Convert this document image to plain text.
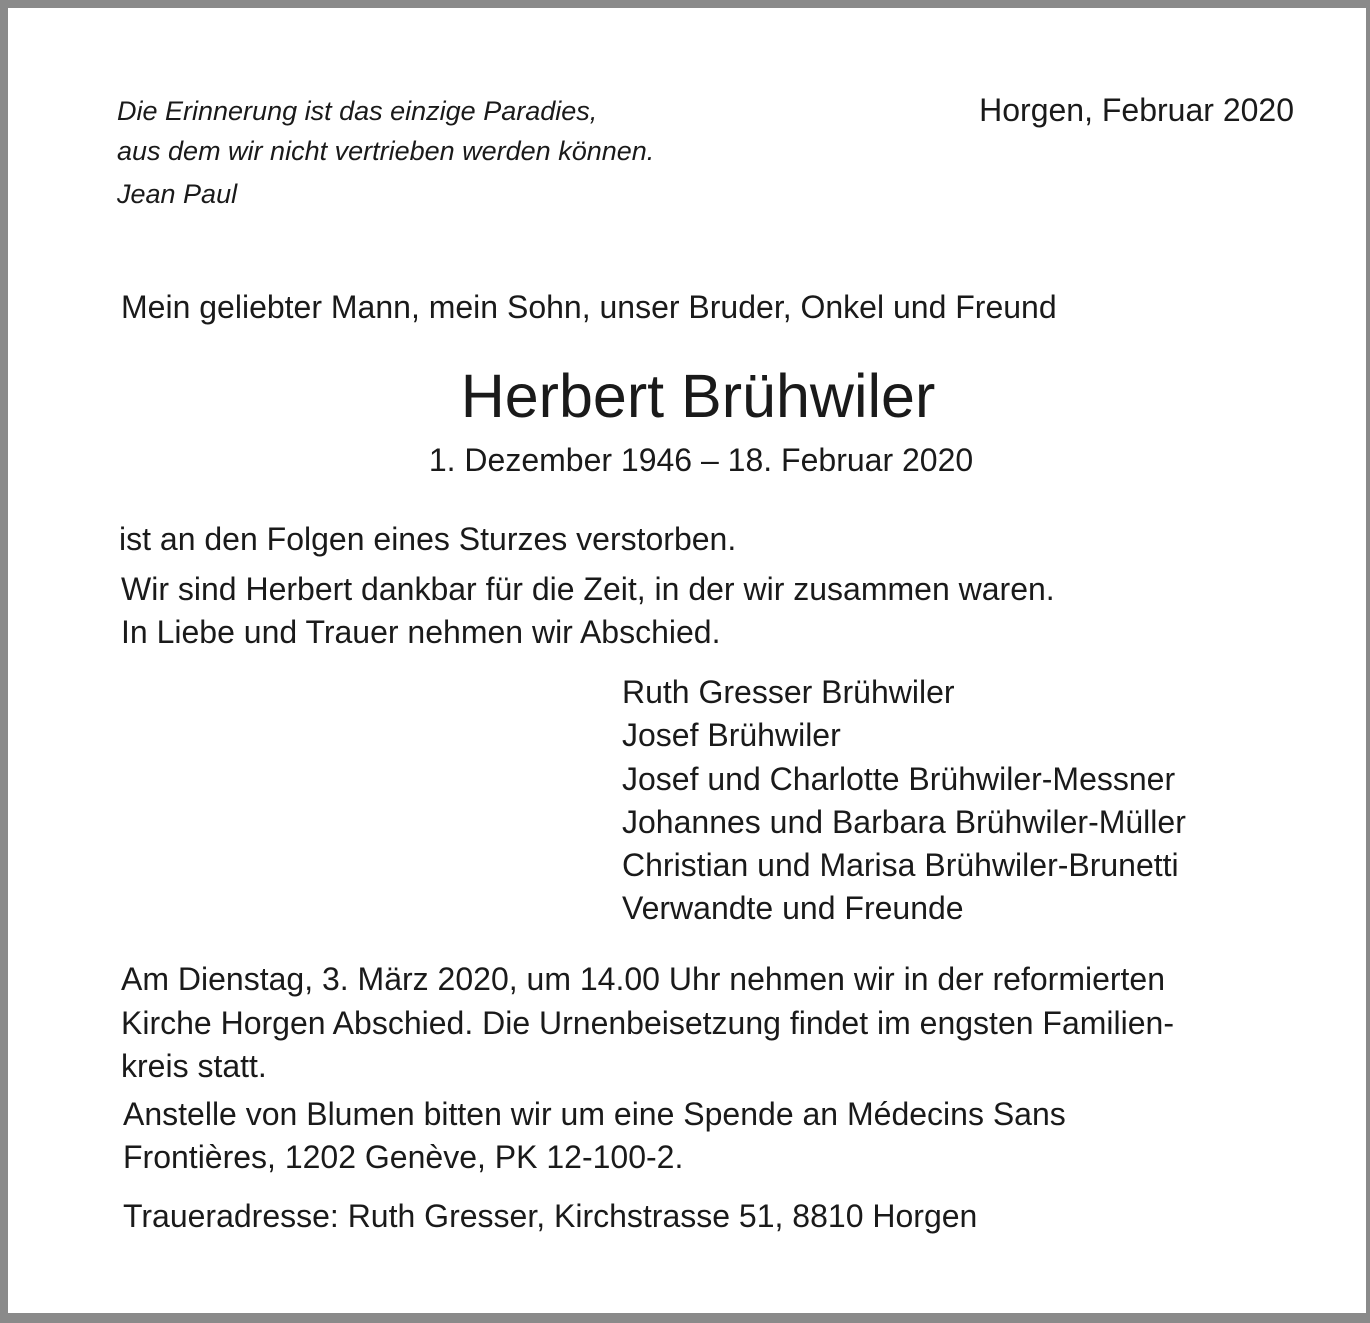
Die Erinnerung ist das einzige Paradies,
aus dem wir nicht vertrieben werden können.
Jean Paul
Horgen, Februar 2020
Mein geliebter Mann, mein Sohn, unser Bruder, Onkel und Freund
Herbert Brühwiler
1. Dezember 1946 – 18. Februar 2020
ist an den Folgen eines Sturzes verstorben.
Wir sind Herbert dankbar für die Zeit, in der wir zusammen waren.
In Liebe und Trauer nehmen wir Abschied.
Ruth Gresser Brühwiler
Josef Brühwiler
Josef und Charlotte Brühwiler-Messner
Johannes und Barbara Brühwiler-Müller
Christian und Marisa Brühwiler-Brunetti
Verwandte und Freunde
Am Dienstag, 3. März 2020, um 14.00 Uhr nehmen wir in der reformierten
Kirche Horgen Abschied. Die Urnenbeisetzung findet im engsten Familien-
kreis statt.
Anstelle von Blumen bitten wir um eine Spende an Médecins Sans
Frontières, 1202 Genève, PK 12-100-2.
Traueradresse: Ruth Gresser, Kirchstrasse 51, 8810 Horgen
